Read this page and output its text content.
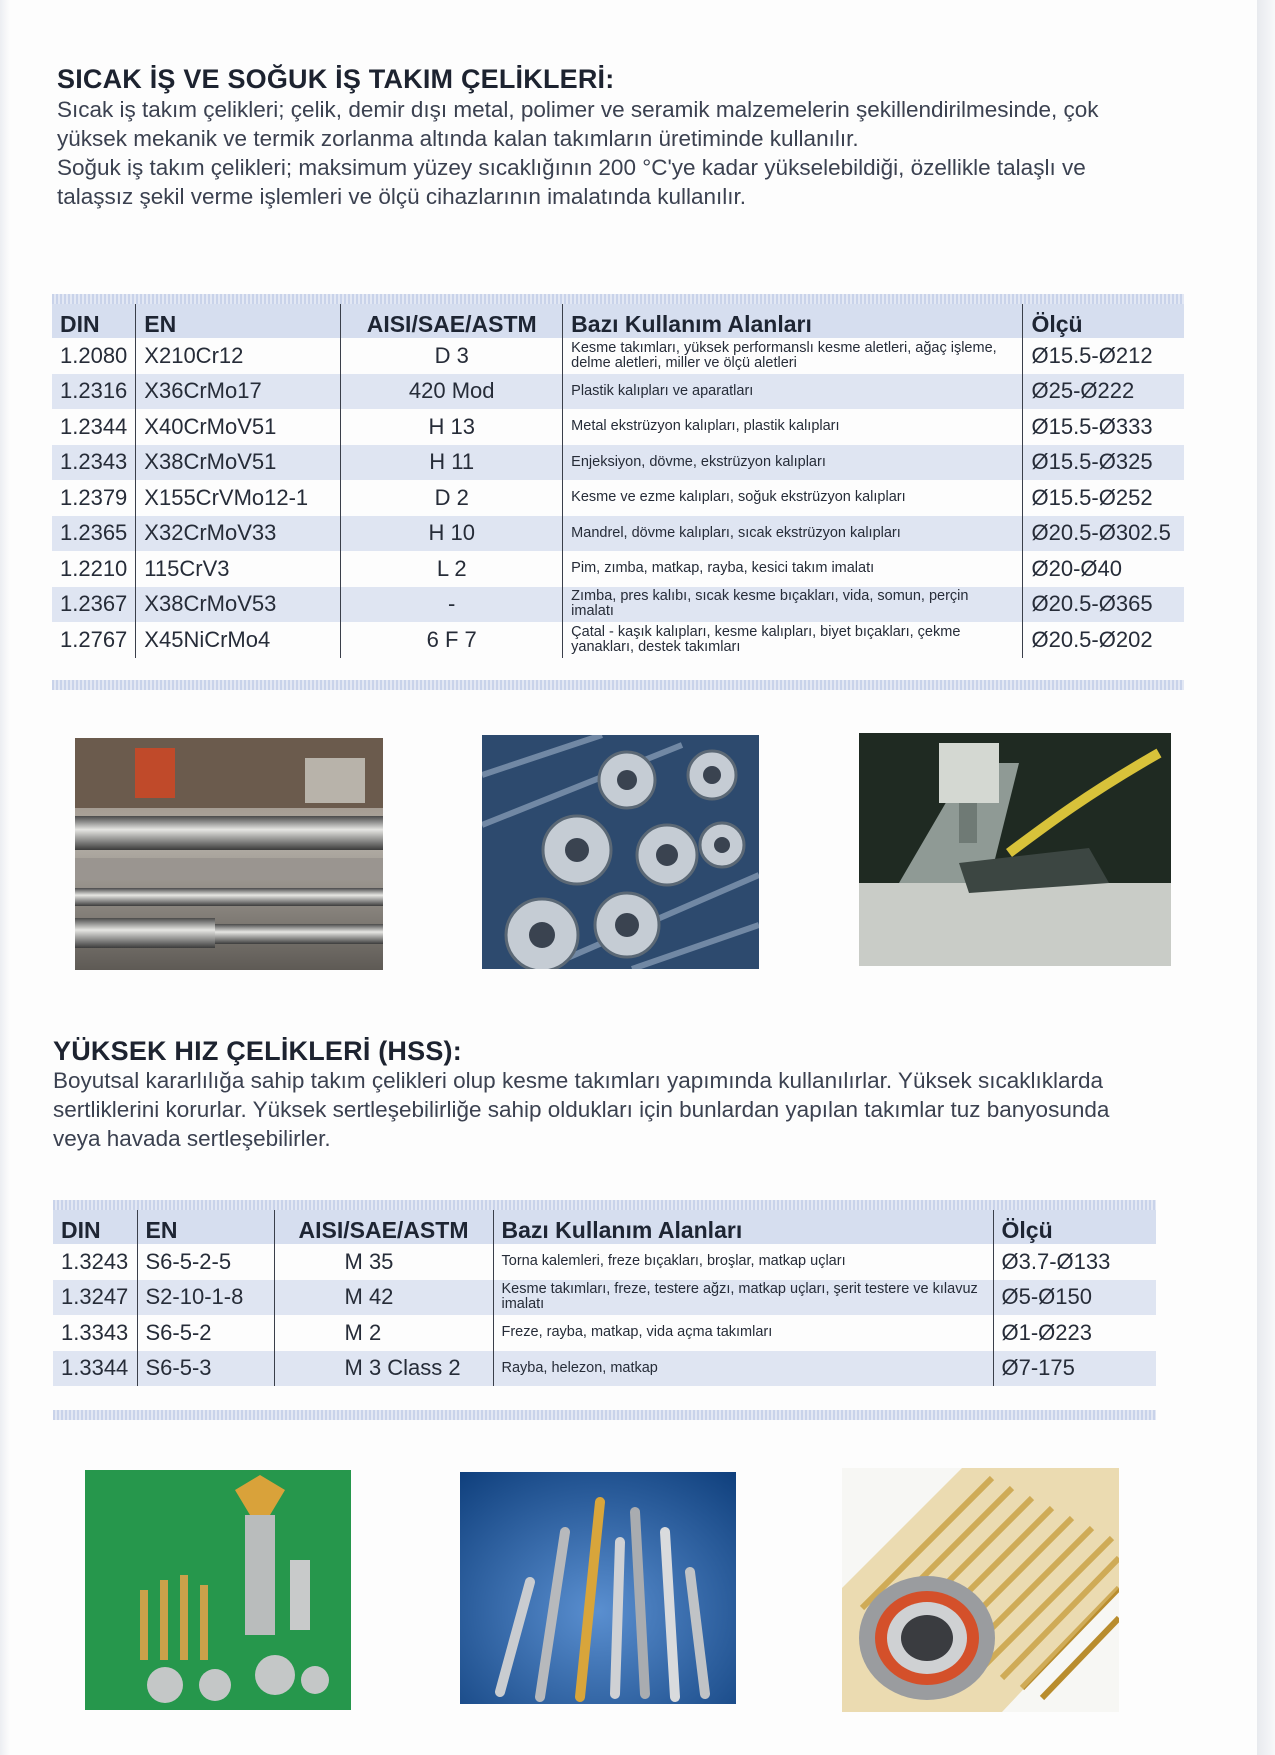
SICAK İŞ VE SOĞUK İŞ TAKIM ÇELİKLERİ:

Sıcak iş takım çelikleri; çelik, demir dışı metal, polimer ve seramik malzemelerin şekillendirilmesinde, çok yüksek mekanik ve termik zorlanma altında kalan takımların üretiminde kullanılır.

Soğuk iş takım çelikleri; maksimum yüzey sıcaklığının 200 °C'ye kadar yükselebildiği, özellikle talaşlı ve talaşsız şekil verme işlemleri ve ölçü cihazlarının imalatında kullanılır.

DIN	EN	AISI/SAE/ASTM	Bazı Kullanım Alanları	Ölçü
1.2080	X210Cr12	D 3	Kesme takımları, yüksek performanslı kesme aletleri, ağaç işleme, delme aletleri, miller ve ölçü aletleri	Ø15.5-Ø212
1.2316	X36CrMo17	420 Mod	Plastik kalıpları ve aparatları	Ø25-Ø222
1.2344	X40CrMoV51	H 13	Metal ekstrüzyon kalıpları, plastik kalıpları	Ø15.5-Ø333
1.2343	X38CrMoV51	H 11	Enjeksiyon, dövme, ekstrüzyon kalıpları	Ø15.5-Ø325
1.2379	X155CrVMo12-1	D 2	Kesme ve ezme kalıpları, soğuk ekstrüzyon kalıpları	Ø15.5-Ø252
1.2365	X32CrMoV33	H 10	Mandrel, dövme kalıpları, sıcak ekstrüzyon kalıpları	Ø20.5-Ø302.5
1.2210	115CrV3	L 2	Pim, zımba, matkap, rayba, kesici takım imalatı	Ø20-Ø40
1.2367	X38CrMoV53	-	Zımba, pres kalıbı, sıcak kesme bıçakları, vida, somun, perçin imalatı	Ø20.5-Ø365
1.2767	X45NiCrMo4	6 F 7	Çatal - kaşık kalıpları, kesme kalıpları, biyet bıçakları, çekme yanakları, destek takımları	Ø20.5-Ø202
YÜKSEK HIZ ÇELİKLERİ (HSS):

Boyutsal kararlılığa sahip takım çelikleri olup kesme takımları yapımında kullanılırlar. Yüksek sıcaklıklarda sertliklerini korurlar. Yüksek sertleşebilirliğe sahip oldukları için bunlardan yapılan takımlar tuz banyosunda veya havada sertleşebilirler.

DIN	EN	AISI/SAE/ASTM	Bazı Kullanım Alanları	Ölçü
1.3243	S6-5-2-5	M 35	Torna kalemleri, freze bıçakları, broşlar, matkap uçları	Ø3.7-Ø133
1.3247	S2-10-1-8	M 42	Kesme takımları, freze, testere ağzı, matkap uçları, şerit testere ve kılavuz imalatı	Ø5-Ø150
1.3343	S6-5-2	M 2	Freze, rayba, matkap, vida açma takımları	Ø1-Ø223
1.3344	S6-5-3	M 3 Class 2	Rayba, helezon, matkap	Ø7-175
